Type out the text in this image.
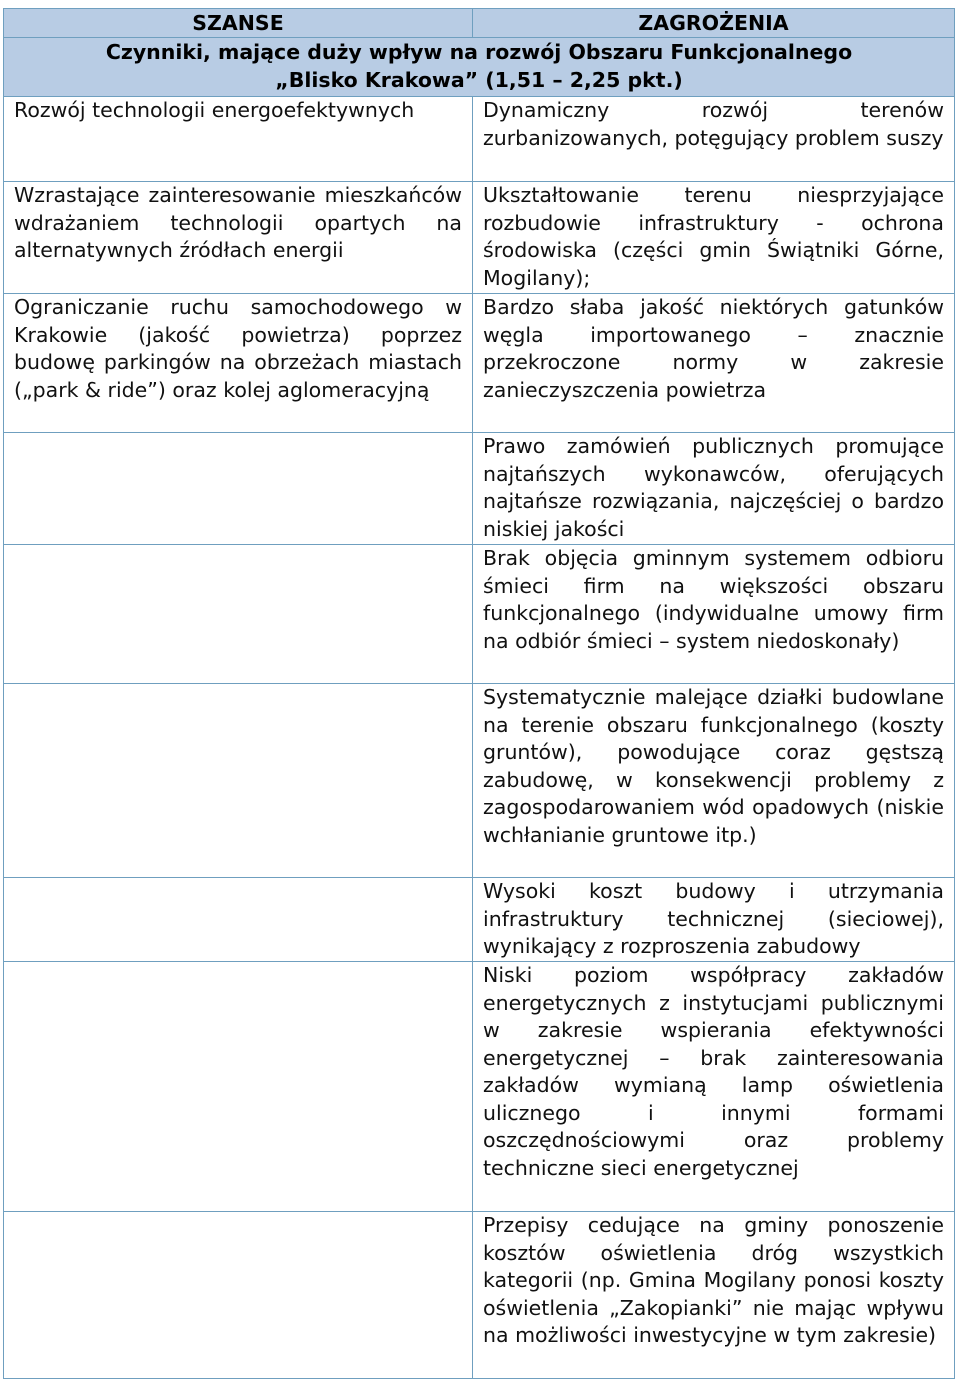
SZANSE	ZAGROŻENIA

Czynniki, mające duży wpływ na rozwój Obszaru Funkcjonalnego
„Blisko Krakowa” (1,51 – 2,25 pkt.)	

Rozwój technologii energoefektywnych	Dynamiczny rozwój terenów zurbanizowanych, potęgujący problem suszy
Wzrastające zainteresowanie mieszkańców wdrażaniem technologii opartych na alternatywnych źródłach energii	Ukształtowanie terenu niesprzyjające rozbudowie infrastruktury - ochrona środowiska (części gmin Świątniki Górne, Mogilany);
Ograniczanie ruchu samochodowego w Krakowie (jakość powietrza) poprzez budowę parkingów na obrzeżach miastach („park & ride”) oraz kolej aglomeracyjną	Bardzo słaba jakość niektórych gatunków węgla importowanego – znacznie przekroczone normy w zakresie zanieczyszczenia powietrza
	Prawo zamówień publicznych promujące najtańszych wykonawców, oferujących najtańsze rozwiązania, najczęściej o bardzo niskiej jakości
	Brak objęcia gminnym systemem odbioru śmieci firm na większości obszaru funkcjonalnego (indywidualne umowy firm na odbiór śmieci – system niedoskonały)
	Systematycznie malejące działki budowlane na terenie obszaru funkcjonalnego (koszty gruntów), powodujące coraz gęstszą zabudowę, w konsekwencji problemy z zagospodarowaniem wód opadowych (niskie wchłanianie gruntowe itp.)
	Wysoki koszt budowy i utrzymania infrastruktury technicznej (sieciowej), wynikający z rozproszenia zabudowy
	Niski poziom współpracy zakładów energetycznych z instytucjami publicznymi w zakresie wspierania efektywności energetycznej – brak zainteresowania zakładów wymianą lamp oświetlenia ulicznego i innymi formami oszczędnościowymi oraz problemy techniczne sieci energetycznej
	Przepisy cedujące na gminy ponoszenie kosztów oświetlenia dróg wszystkich kategorii (np. Gmina Mogilany ponosi koszty oświetlenia „Zakopianki” nie mając wpływu na możliwości inwestycyjne w tym zakresie)
